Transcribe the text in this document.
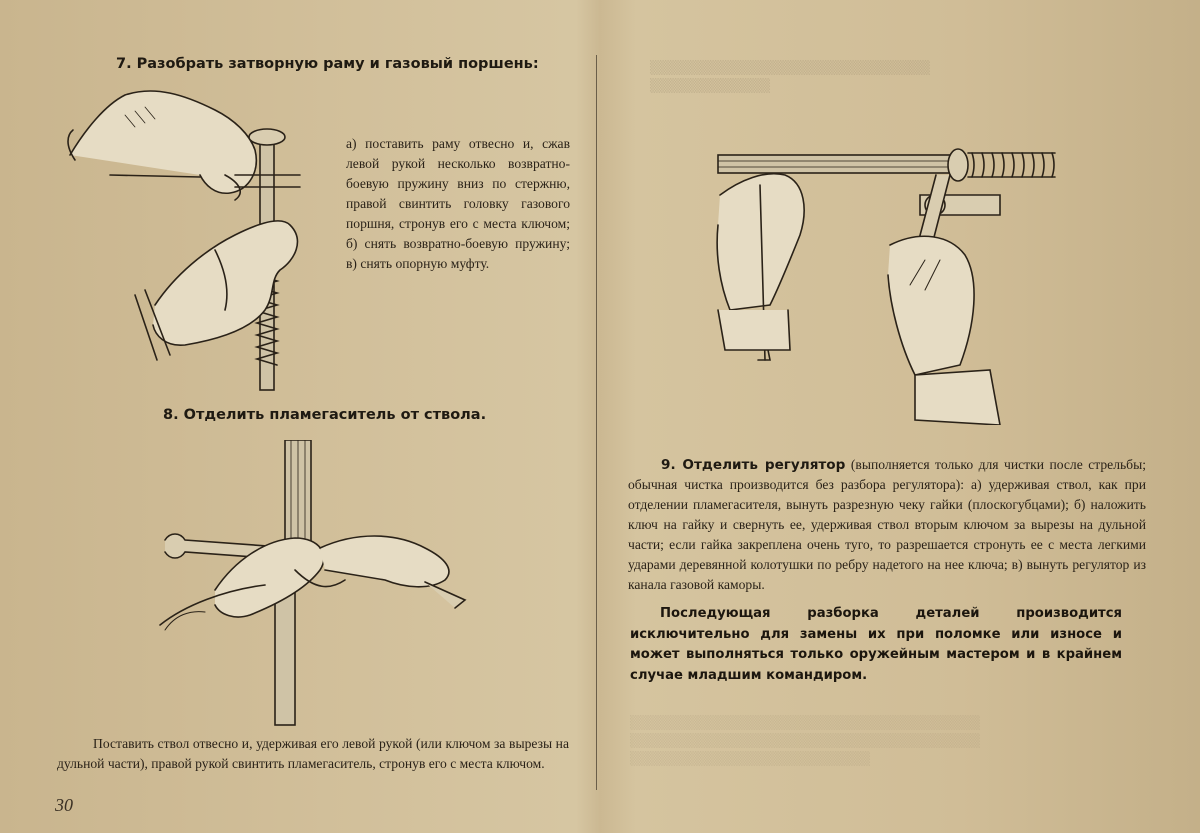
▒▒▒▒▒▒▒▒▒▒▒▒▒▒▒▒▒▒▒▒▒▒▒▒▒▒▒▒
▒▒▒▒▒▒▒▒▒▒▒▒
7. Разобрать затворную раму и газовый поршень:
а) поставить раму отвесно и, сжав левой рукой несколько возвратно-боевую пружину вниз по стержню, правой свинтить головку газового поршня, стронув его с места ключом; б) снять возвратно-боевую пружину; в) снять опорную муфту.
8. Отделить пламегаситель от ствола.
Поставить ствол отвесно и, удерживая его левой рукой (или ключом за вырезы на дульной части), правой рукой свинтить пламегаситель, стронув его с места ключом.
30
9. Отделить регулятор (выполняется только для чистки после стрельбы; обычная чистка производится без разбора регулятора): а) удерживая ствол, как при отделении пламегасителя, вынуть разрезную чеку гайки (плоскогубцами); б) наложить ключ на гайку и свернуть ее, удерживая ствол вторым ключом за вырезы на дульной части; если гайка закреплена очень туго, то разрешается стронуть ее с места легкими ударами деревянной колотушки по ребру надетого на нее ключа; в) вынуть регулятор из канала газовой каморы.
Последующая разборка деталей производится исключительно для замены их при поломке или износе и может выполняться только оружейным мастером и в крайнем случае младшим командиром.
▒▒▒▒▒▒▒▒▒▒▒▒▒▒▒▒▒▒▒▒▒▒▒▒▒▒▒▒▒▒▒▒▒▒▒
▒▒▒▒▒▒▒▒▒▒▒▒▒▒▒▒▒▒▒▒▒▒▒▒▒▒▒▒▒▒▒▒▒▒▒
▒▒▒▒▒▒▒▒▒▒▒▒▒▒▒▒▒▒▒▒▒▒▒▒
